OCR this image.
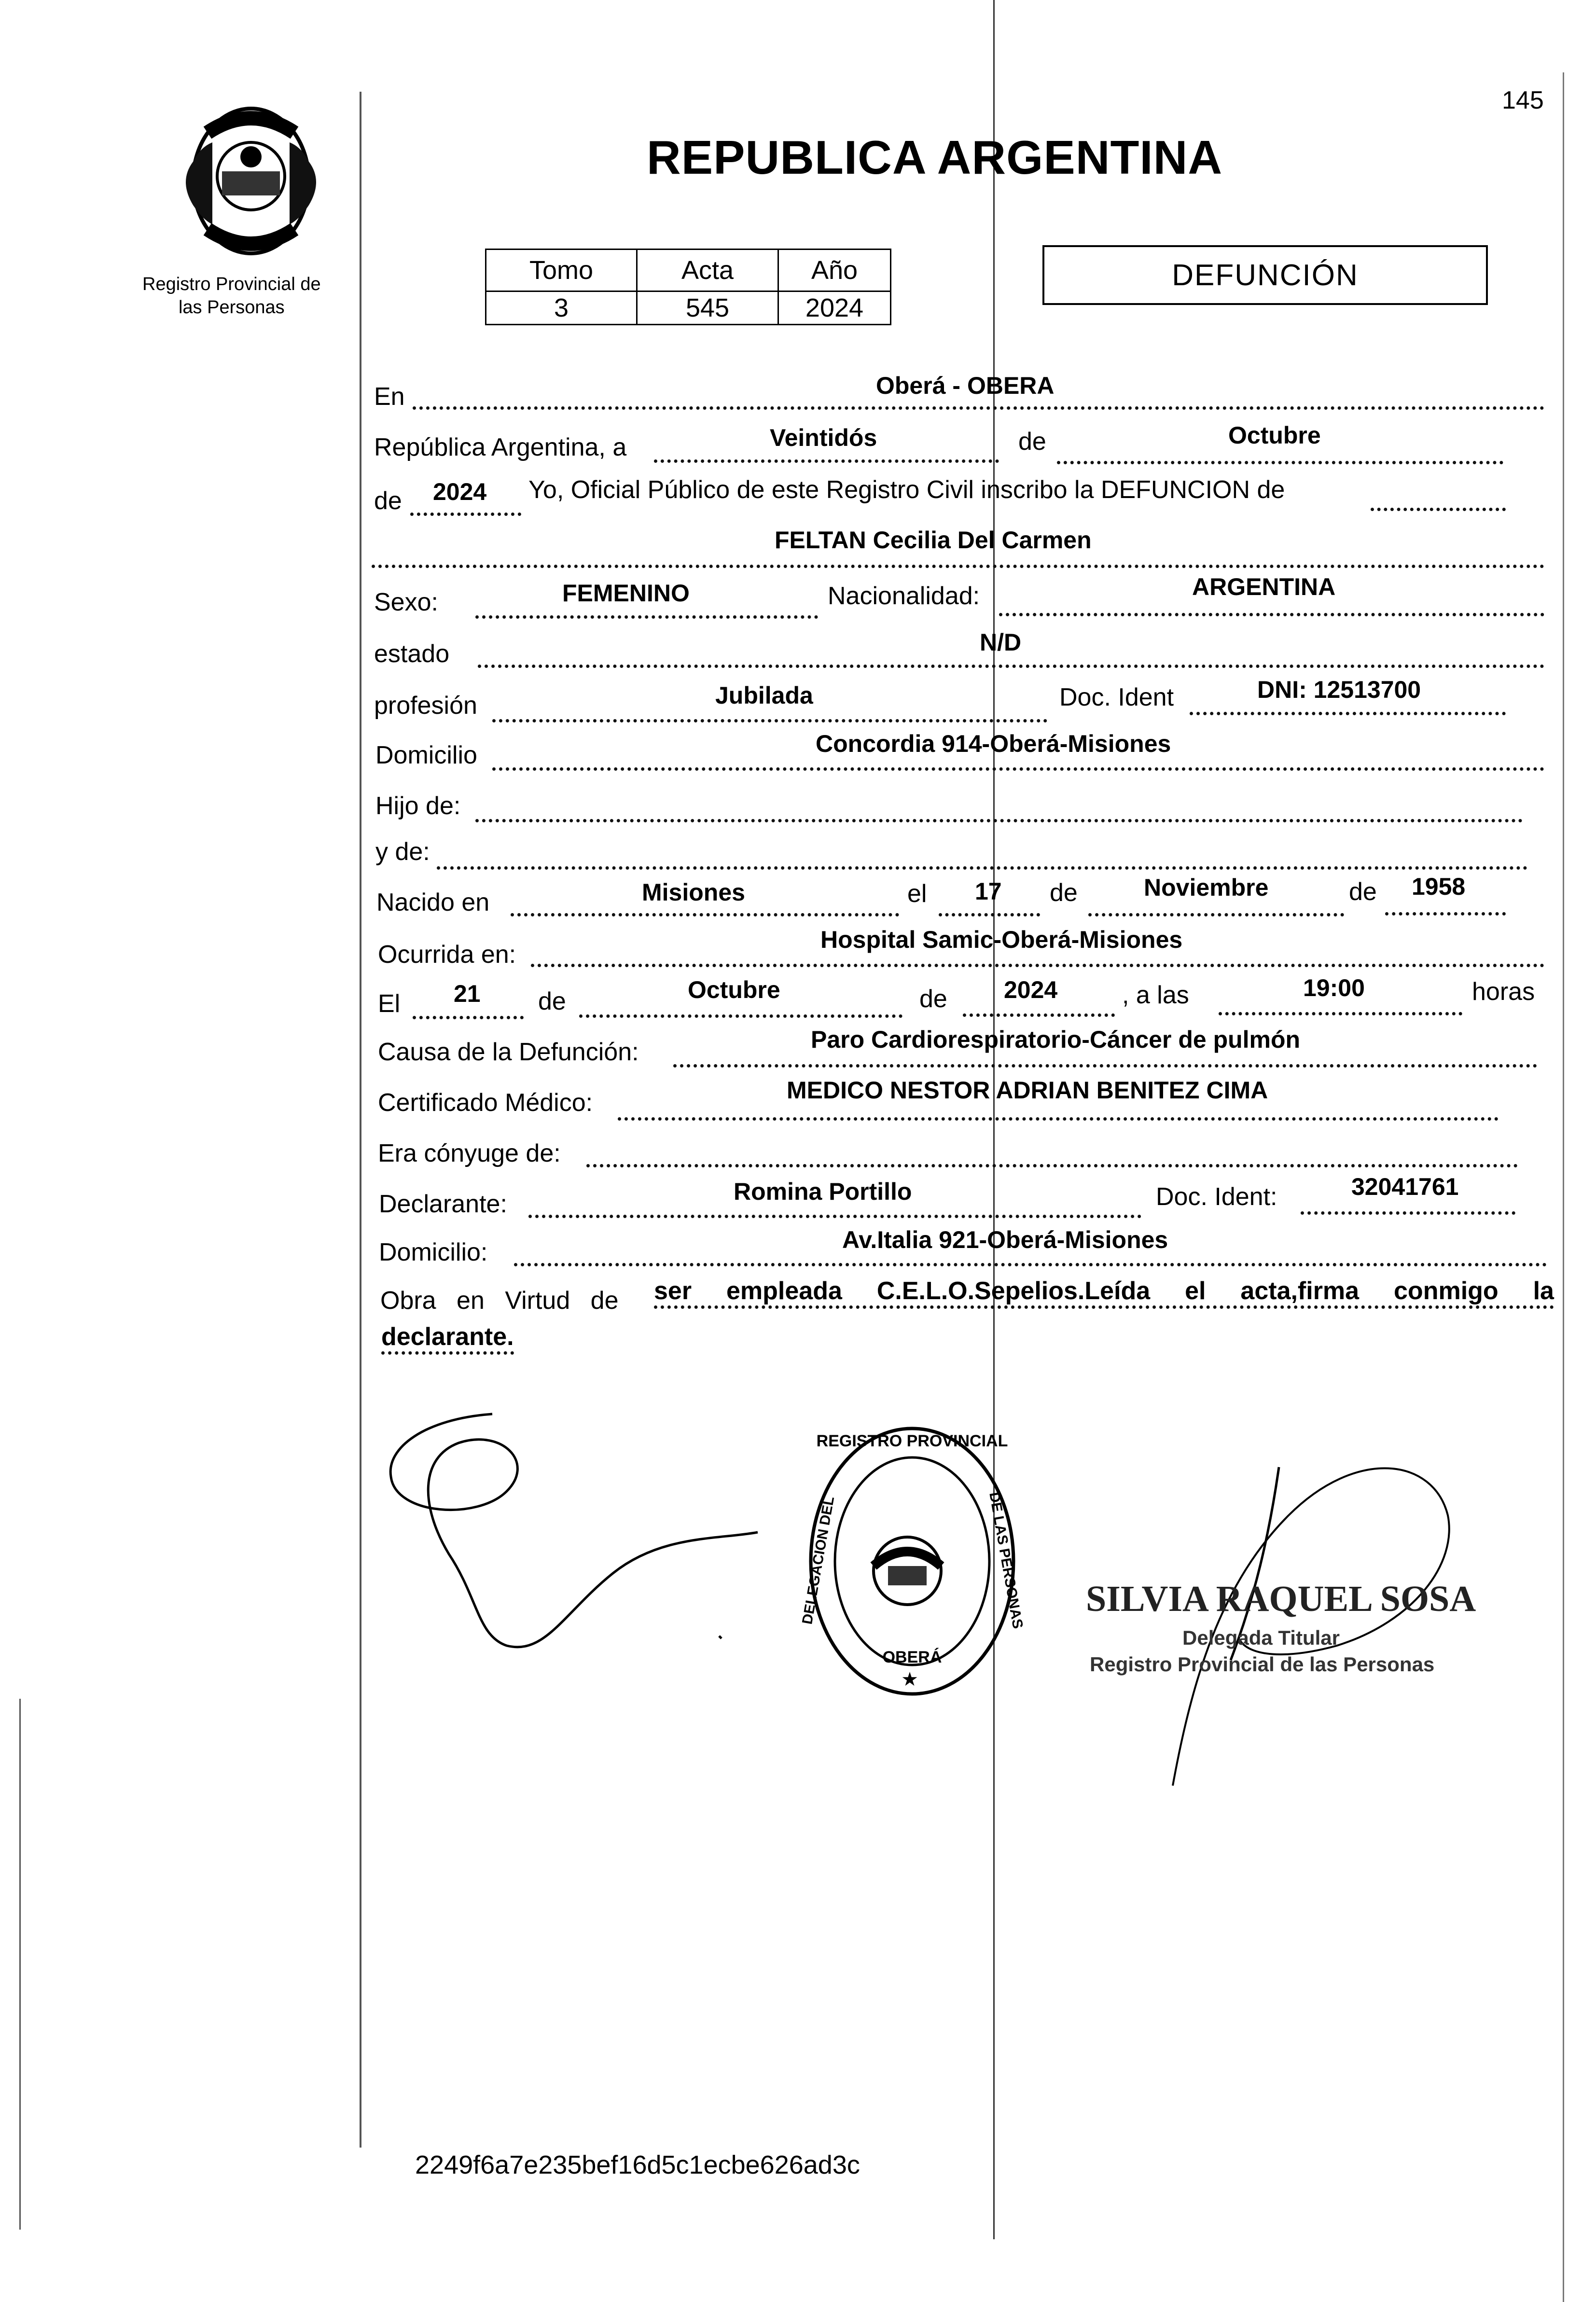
Registro Provincial de
las Personas
145
REPUBLICA ARGENTINA
Tomo	Acta	Año
3	545	2024
DEFUNCIÓN
En	Oberá - OBERA
República Argentina, a	Veintidós	de	Octubre
de 2024 Yo, Oficial Público de este Registro Civil inscribo la DEFUNCION de
FELTAN Cecilia Del Carmen
Sexo:	FEMENINO	Nacionalidad:	ARGENTINA
estado	N/D
profesión	Jubilada	Doc. Ident	DNI: 12513700
Domicilio	Concordia 914-Oberá-Misiones
Hijo de:
y de:
Nacido en	Misiones	el 17 de	Noviembre	de 1958
Ocurrida en:
Hospital Samic-Oberá-Misiones
El 21 de	Octubre	de 2024	, a las	19:00	horas
Causa de la Defunción:	Paro Cardiorespiratorio-Cáncer de pulmón
Certificado Médico:	MEDICO NESTOR ADRIAN BENITEZ CIMA
Era cónyuge de:
Declarante:	Romina Portillo	Doc. Ident:	32041761
Domicilio:	Av.Italia 921-Oberá-Misiones
Obra en Virtud de ser empleada C.E.L.O.Sepelios.Leída el acta,firma conmigo la
declarante.
REGISTRO PROVINCIAL
DELEGACION DEL	DE LAS PERSONAS
OBERÁ
★
SILVIA RAQUEL SOSA
Delegada Titular
Registro Provincial de las Personas
2249f6a7e235bef16d5c1ecbe626ad3c
